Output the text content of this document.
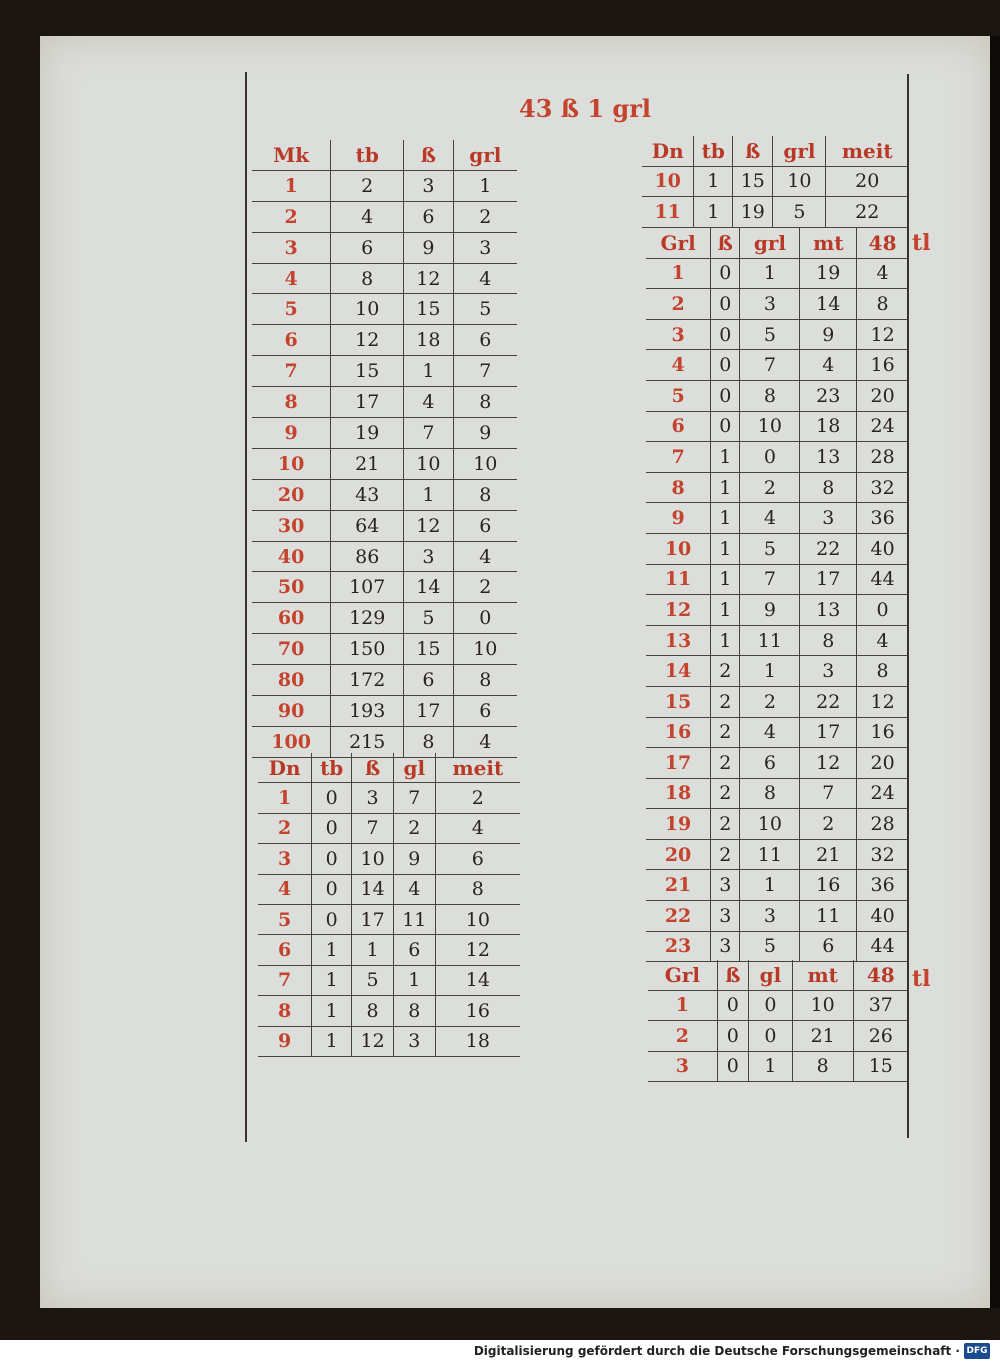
43 ß 1 grl
Mk	tb	ß	grl
1	2	3	1
2	4	6	2
3	6	9	3
4	8	12	4
5	10	15	5
6	12	18	6
7	15	1	7
8	17	4	8
9	19	7	9
10	21	10	10
20	43	1	8
30	64	12	6
40	86	3	4
50	107	14	2
60	129	5	0
70	150	15	10
80	172	6	8
90	193	17	6
100	215	8	4
Dn	tb	ß	gl	meit
1	0	3	7	2
2	0	7	2	4
3	0	10	9	6
4	0	14	4	8
5	0	17	11	10
6	1	1	6	12
7	1	5	1	14
8	1	8	8	16
9	1	12	3	18
Dn	tb	ß	grl	meit
10	1	15	10	20
11	1	19	5	22
Grl	ß	grl	mt	48
1	0	1	19	4
2	0	3	14	8
3	0	5	9	12
4	0	7	4	16
5	0	8	23	20
6	0	10	18	24
7	1	0	13	28
8	1	2	8	32
9	1	4	3	36
10	1	5	22	40
11	1	7	17	44
12	1	9	13	0
13	1	11	8	4
14	2	1	3	8
15	2	2	22	12
16	2	4	17	16
17	2	6	12	20
18	2	8	7	24
19	2	10	2	28
20	2	11	21	32
21	3	1	16	36
22	3	3	11	40
23	3	5	6	44
Grl	ß	gl	mt	48
1	0	0	10	37
2	0	0	21	26
3	0	1	8	15
tl
tl
Digitalisierung gefördert durch die Deutsche Forschungsgemeinschaft · DFG
